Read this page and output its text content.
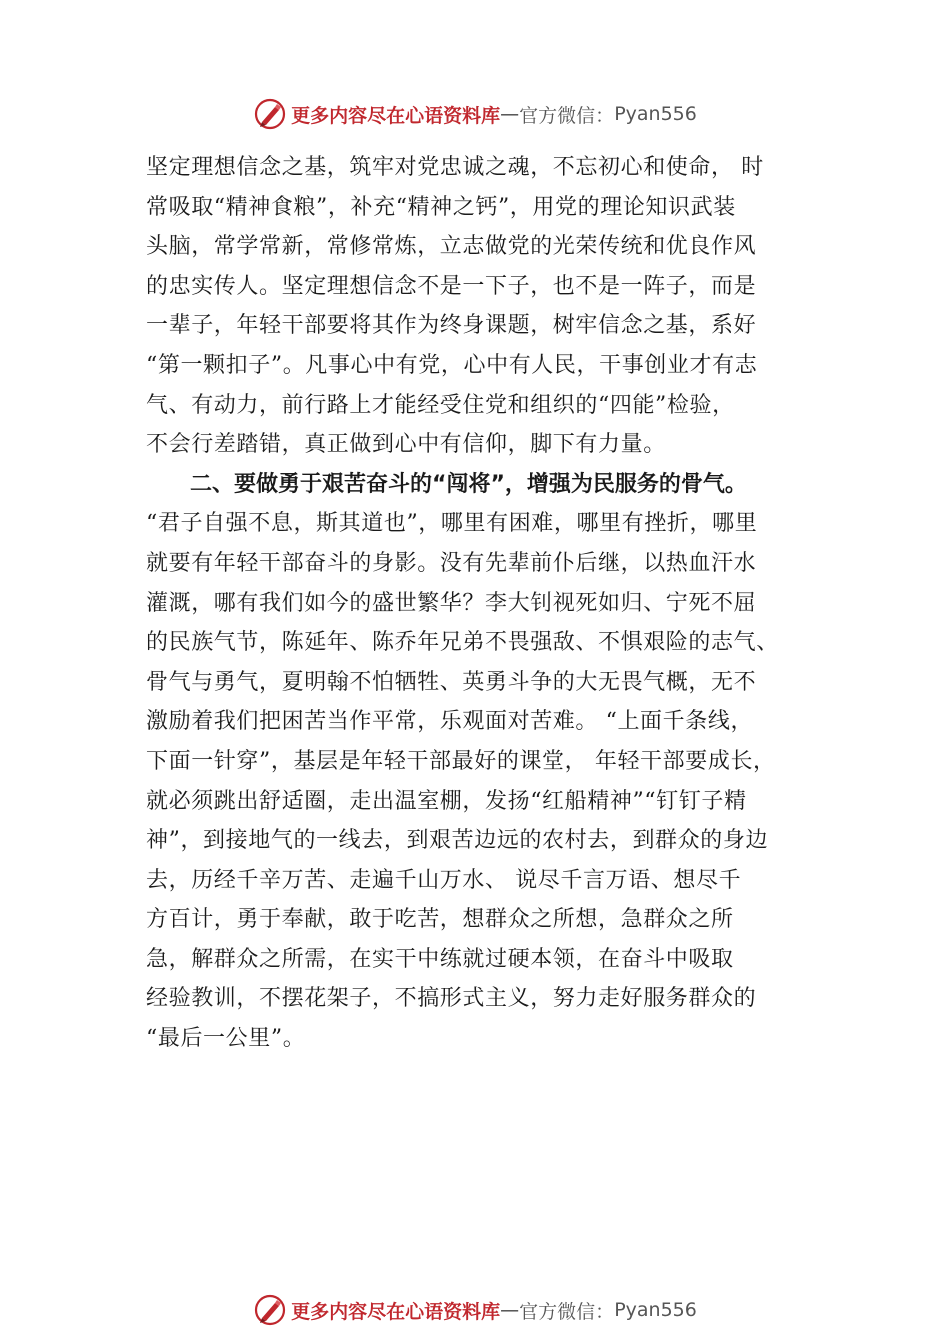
更多内容尽在心语资料库 — 官方微信： Pyan556
坚定理想信念之基，筑牢对党忠诚之魂，不忘初心和使命， 时
常吸取“精神食粮”，补充“精神之钙”，用党的理论知识武装
头脑，常学常新，常修常炼，立志做党的光荣传统和优良作风
的忠实传人。坚定理想信念不是一下子，也不是一阵子，而是
一辈子，年轻干部要将其作为终身课题，树牢信念之基，系好
“第一颗扣子”。凡事心中有党，心中有人民，干事创业才有志
气、有动力，前行路上才能经受住党和组织的“四能”检验，
不会行差踏错，真正做到心中有信仰，脚下有力量。
二、要做勇于艰苦奋斗的“闯将”，增强为民服务的骨气。
“君子自强不息，斯其道也”，哪里有困难，哪里有挫折，哪里
就要有年轻干部奋斗的身影。没有先辈前仆后继，以热血汗水
灌溉，哪有我们如今的盛世繁华？李大钊视死如归、宁死不屈
的民族气节，陈延年、陈乔年兄弟不畏强敌、不惧艰险的志气、
骨气与勇气，夏明翰不怕牺牲、英勇斗争的大无畏气概，无不
激励着我们把困苦当作平常，乐观面对苦难。 “上面千条线，
下面一针穿”，基层是年轻干部最好的课堂， 年轻干部要成长，
就必须跳出舒适圈，走出温室棚，发扬“红船精神”“钉钉子精
神”，到接地气的一线去，到艰苦边远的农村去，到群众的身边
去，历经千辛万苦、走遍千山万水、 说尽千言万语、想尽千
方百计，勇于奉献，敢于吃苦，想群众之所想，急群众之所
急，解群众之所需，在实干中练就过硬本领，在奋斗中吸取
经验教训，不摆花架子，不搞形式主义，努力走好服务群众的
“最后一公里”。
更多内容尽在心语资料库 — 官方微信： Pyan556
